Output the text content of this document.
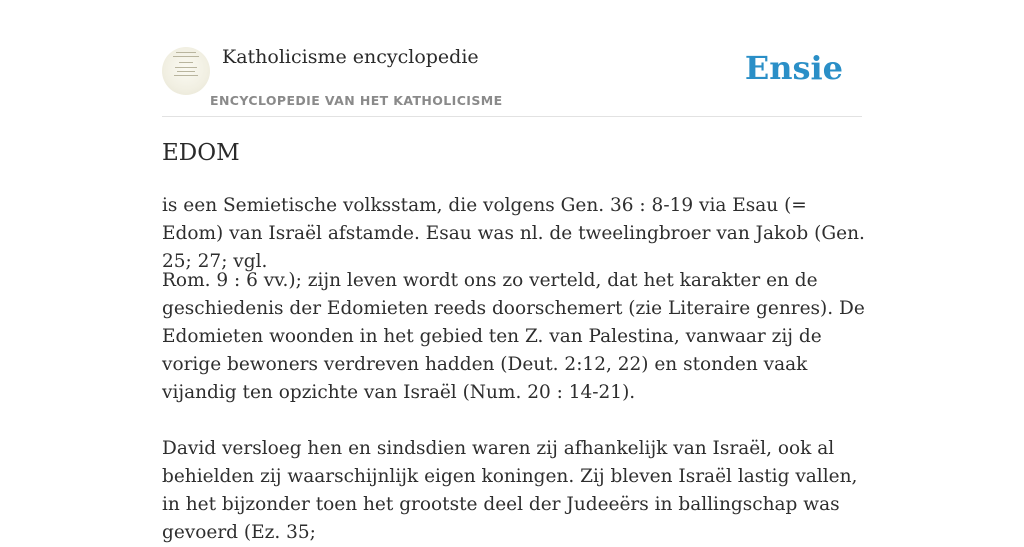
Katholicisme encyclopedie
ENCYCLOPEDIE VAN HET KATHOLICISME
Ensie
EDOM

is een Semietische volksstam, die volgens Gen. 36 : 8-19 via Esau (= Edom) van Israël afstamde. Esau was nl. de tweelingbroer van Jakob (Gen. 25; 27; vgl.

Rom. 9 : 6 vv.); zijn leven wordt ons zo verteld, dat het karakter en de geschiedenis der Edomieten reeds doorschemert (zie Literaire genres). De Edomieten woonden in het gebied ten Z. van Palestina, vanwaar zij de vorige bewoners verdreven hadden (Deut. 2:12, 22) en stonden vaak vijandig ten opzichte van Israël (Num. 20 : 14-21).

David versloeg hen en sindsdien waren zij afhankelijk van Israël, ook al behielden zij waarschijnlijk eigen koningen. Zij bleven Israël lastig vallen, in het bijzonder toen het grootste deel der Judeeërs in ballingschap was gevoerd (Ez. 35;
